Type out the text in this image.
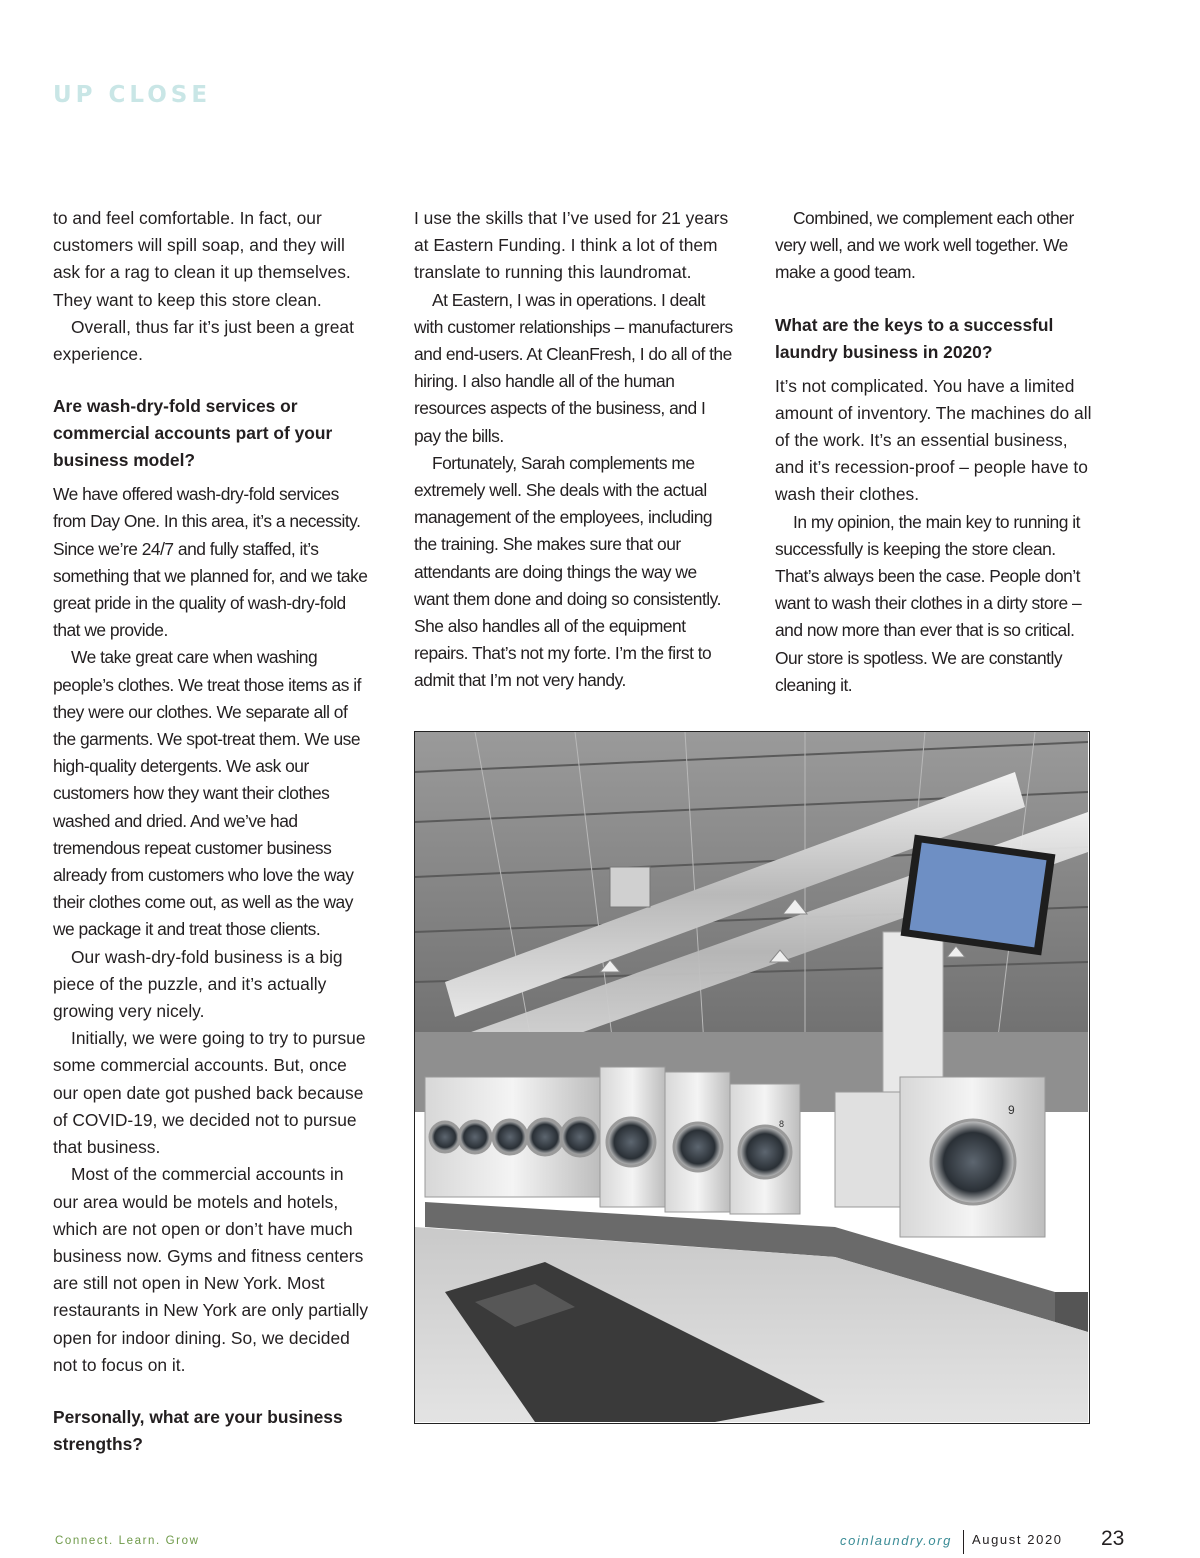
UP CLOSE

to and feel comfortable. In fact, our customers will spill soap, and they will ask for a rag to clean it up themselves. They want to keep this store clean.

Overall, thus far it’s just been a great experience.

Are wash-dry-fold services or commercial accounts part of your business model?

We have offered wash-dry-fold services from Day One. In this area, it’s a necessity. Since we’re 24/7 and fully staffed, it’s something that we planned for, and we take great pride in the quality of wash-dry-fold that we provide.

We take great care when washing people’s clothes. We treat those items as if they were our clothes. We separate all of the garments. We spot-treat them. We use high-quality detergents. We ask our customers how they want their clothes washed and dried. And we’ve had tremendous repeat customer business already from customers who love the way their clothes come out, as well as the way we package it and treat those clients.

Our wash-dry-fold business is a big piece of the puzzle, and it’s actually growing very nicely.

Initially, we were going to try to pursue some commercial accounts. But, once our open date got pushed back because of COVID-19, we decided not to pursue that business.

Most of the commercial accounts in our area would be motels and hotels, which are not open or don’t have much business now. Gyms and fitness centers are still not open in New York. Most restaurants in New York are only partially open for indoor dining. So, we decided not to focus on it.

Personally, what are your business strengths?

I use the skills that I’ve used for 21 years at Eastern Funding. I think a lot of them translate to running this laundromat.

At Eastern, I was in operations. I dealt with customer relationships – manufacturers and end-users. At CleanFresh, I do all of the hiring. I also handle all of the human resources aspects of the business, and I pay the bills.

Fortunately, Sarah complements me extremely well. She deals with the actual management of the employees, including the training. She makes sure that our attendants are doing things the way we want them done and doing so consistently. She also handles all of the equipment repairs. That’s not my forte. I’m the first to admit that I’m not very handy.

Combined, we complement each other very well, and we work well together. We make a good team.

What are the keys to a successful laundry business in 2020?

It’s not complicated. You have a limited amount of inventory. The machines do all of the work. It’s an essential business, and it’s recession-proof – people have to wash their clothes.

In my opinion, the main key to running it successfully is keeping the store clean. That’s always been the case. People don’t want to wash their clothes in a dirty store – and now more than ever that is so critical. Our store is spotless. We are constantly cleaning it.

8
9
Connect. Learn. Grow	coinlaundry.org August 2020 23
